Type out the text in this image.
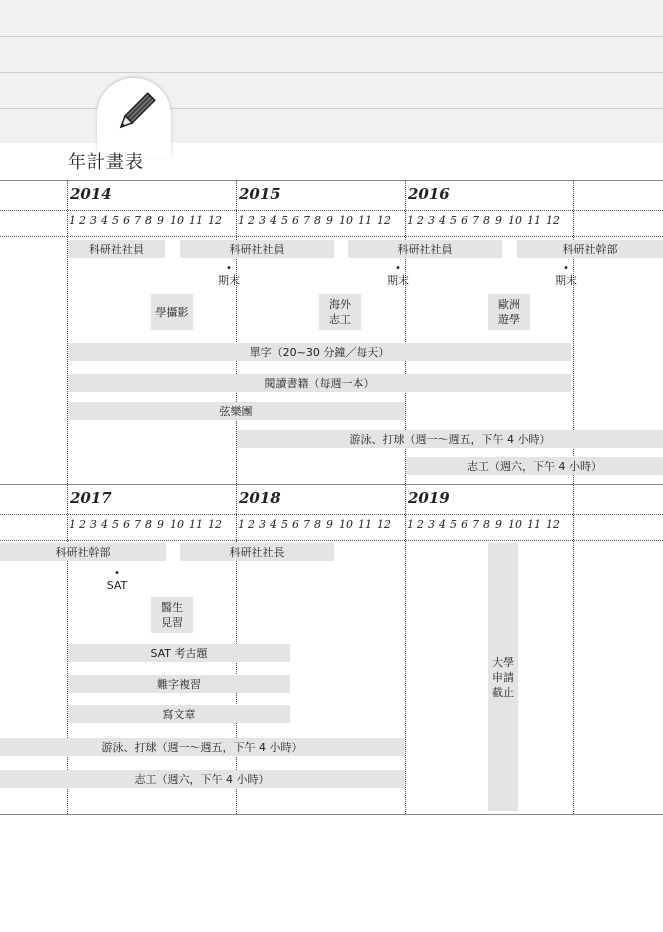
年計畫表
2014	2015	2016
1 2 3 4 5 6 7 8 9 10 11 12 1 2 3 4 5 6 7 8 9 10 11 12 1 2 3 4 5 6 7 8 9 10 11 12
科研社社員	科研社社員	科研社社員	科研社幹部
•
期末
•
期末
•
期末
學攝影
海外
志工
歐洲
遊學
單字（20~30 分鐘／每天）
閱讀書籍（每週一本）
弦樂團
游泳、打球（週一～週五，下午 4 小時）
志工（週六，下午 4 小時）
2017	2018	2019
1 2 3 4 5 6 7 8 9 10 11 12 1 2 3 4 5 6 7 8 9 10 11 12 1 2 3 4 5 6 7 8 9 10 11 12
科研社幹部	科研社社長
•
SAT
醫生
見習
SAT 考古題
難字複習
寫文章
游泳、打球（週一～週五，下午 4 小時）
志工（週六，下午 4 小時）
大學
申請
截止
